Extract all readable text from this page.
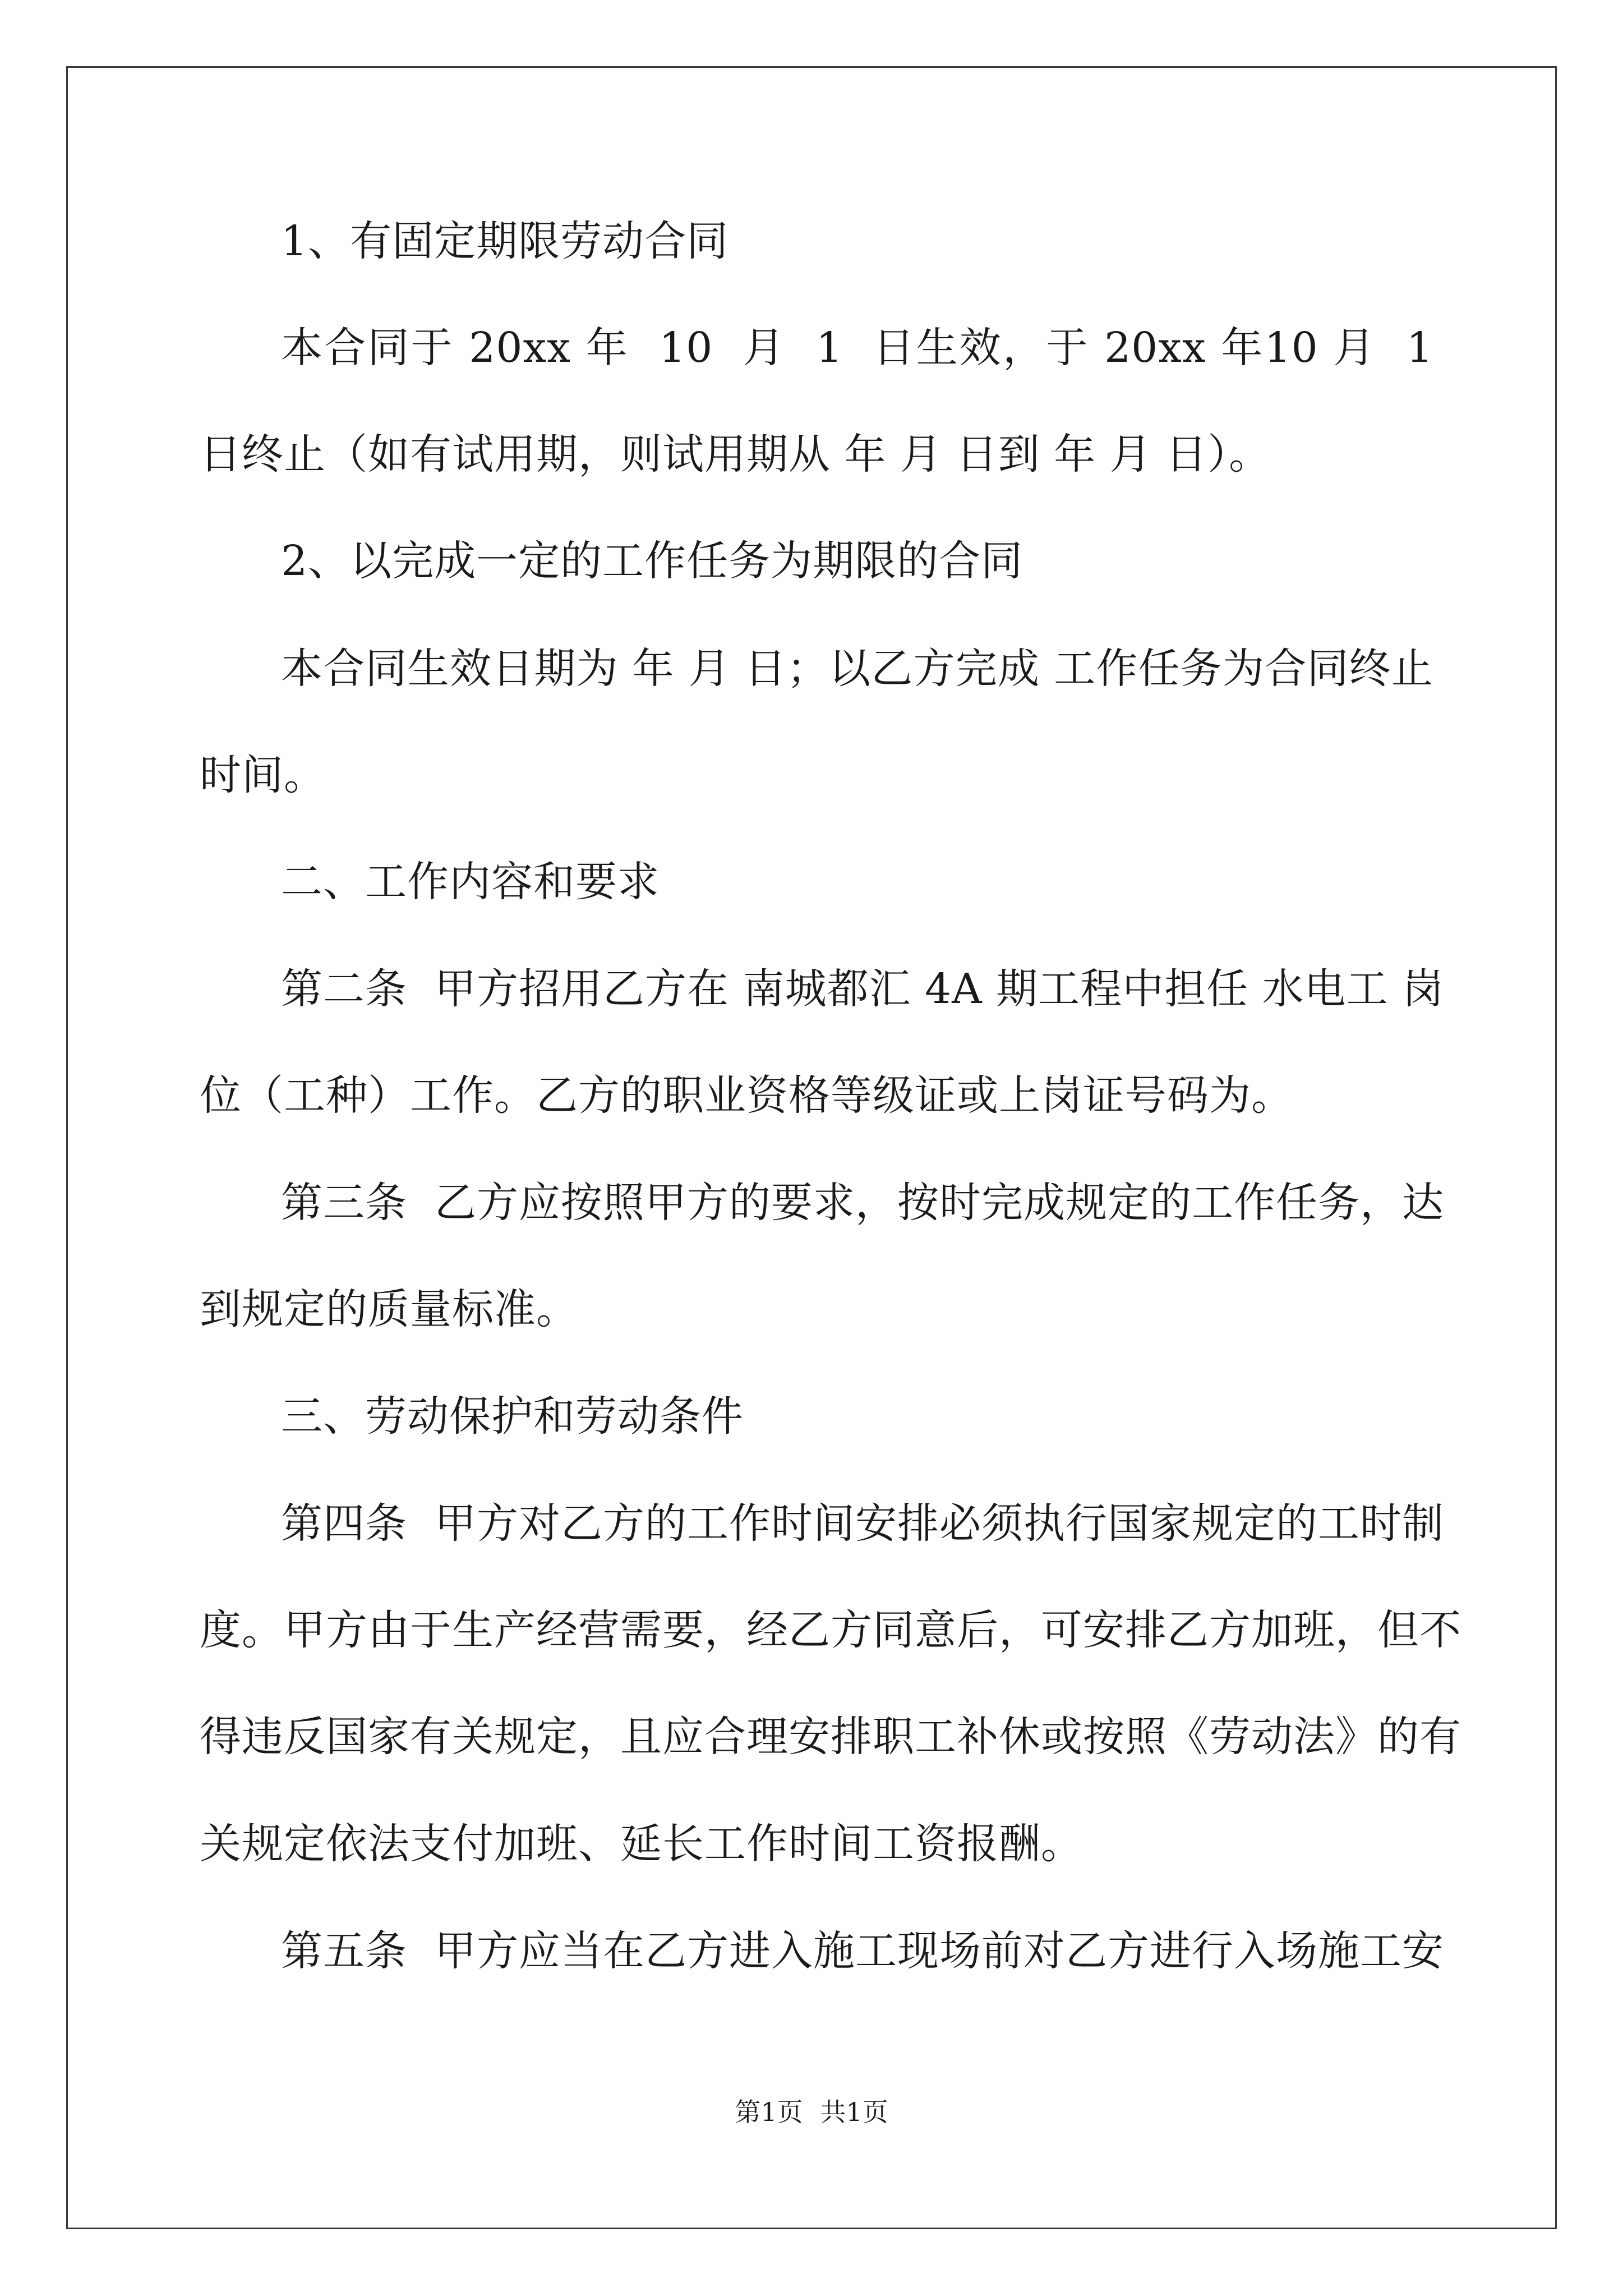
1、有固定期限劳动合同
本合同于 20xx 年  10  月  1  日生效，于 20xx 年10 月  1
日终止（如有试用期，则试用期从 年 月 日到 年 月 日）。
2、以完成一定的工作任务为期限的合同
本合同生效日期为 年 月 日；以乙方完成 工作任务为合同终止
时间。
二、工作内容和要求
第二条  甲方招用乙方在 南城都汇 4A 期工程中担任 水电工 岗
位（工种）工作。乙方的职业资格等级证或上岗证号码为。
第三条  乙方应按照甲方的要求，按时完成规定的工作任务，达
到规定的质量标准。
三、劳动保护和劳动条件
第四条  甲方对乙方的工作时间安排必须执行国家规定的工时制
度。甲方由于生产经营需要，经乙方同意后，可安排乙方加班，但不
得违反国家有关规定，且应合理安排职工补休或按照《劳动法》的有
关规定依法支付加班、延长工作时间工资报酬。
第五条  甲方应当在乙方进入施工现场前对乙方进行入场施工安
第1页 共1页
